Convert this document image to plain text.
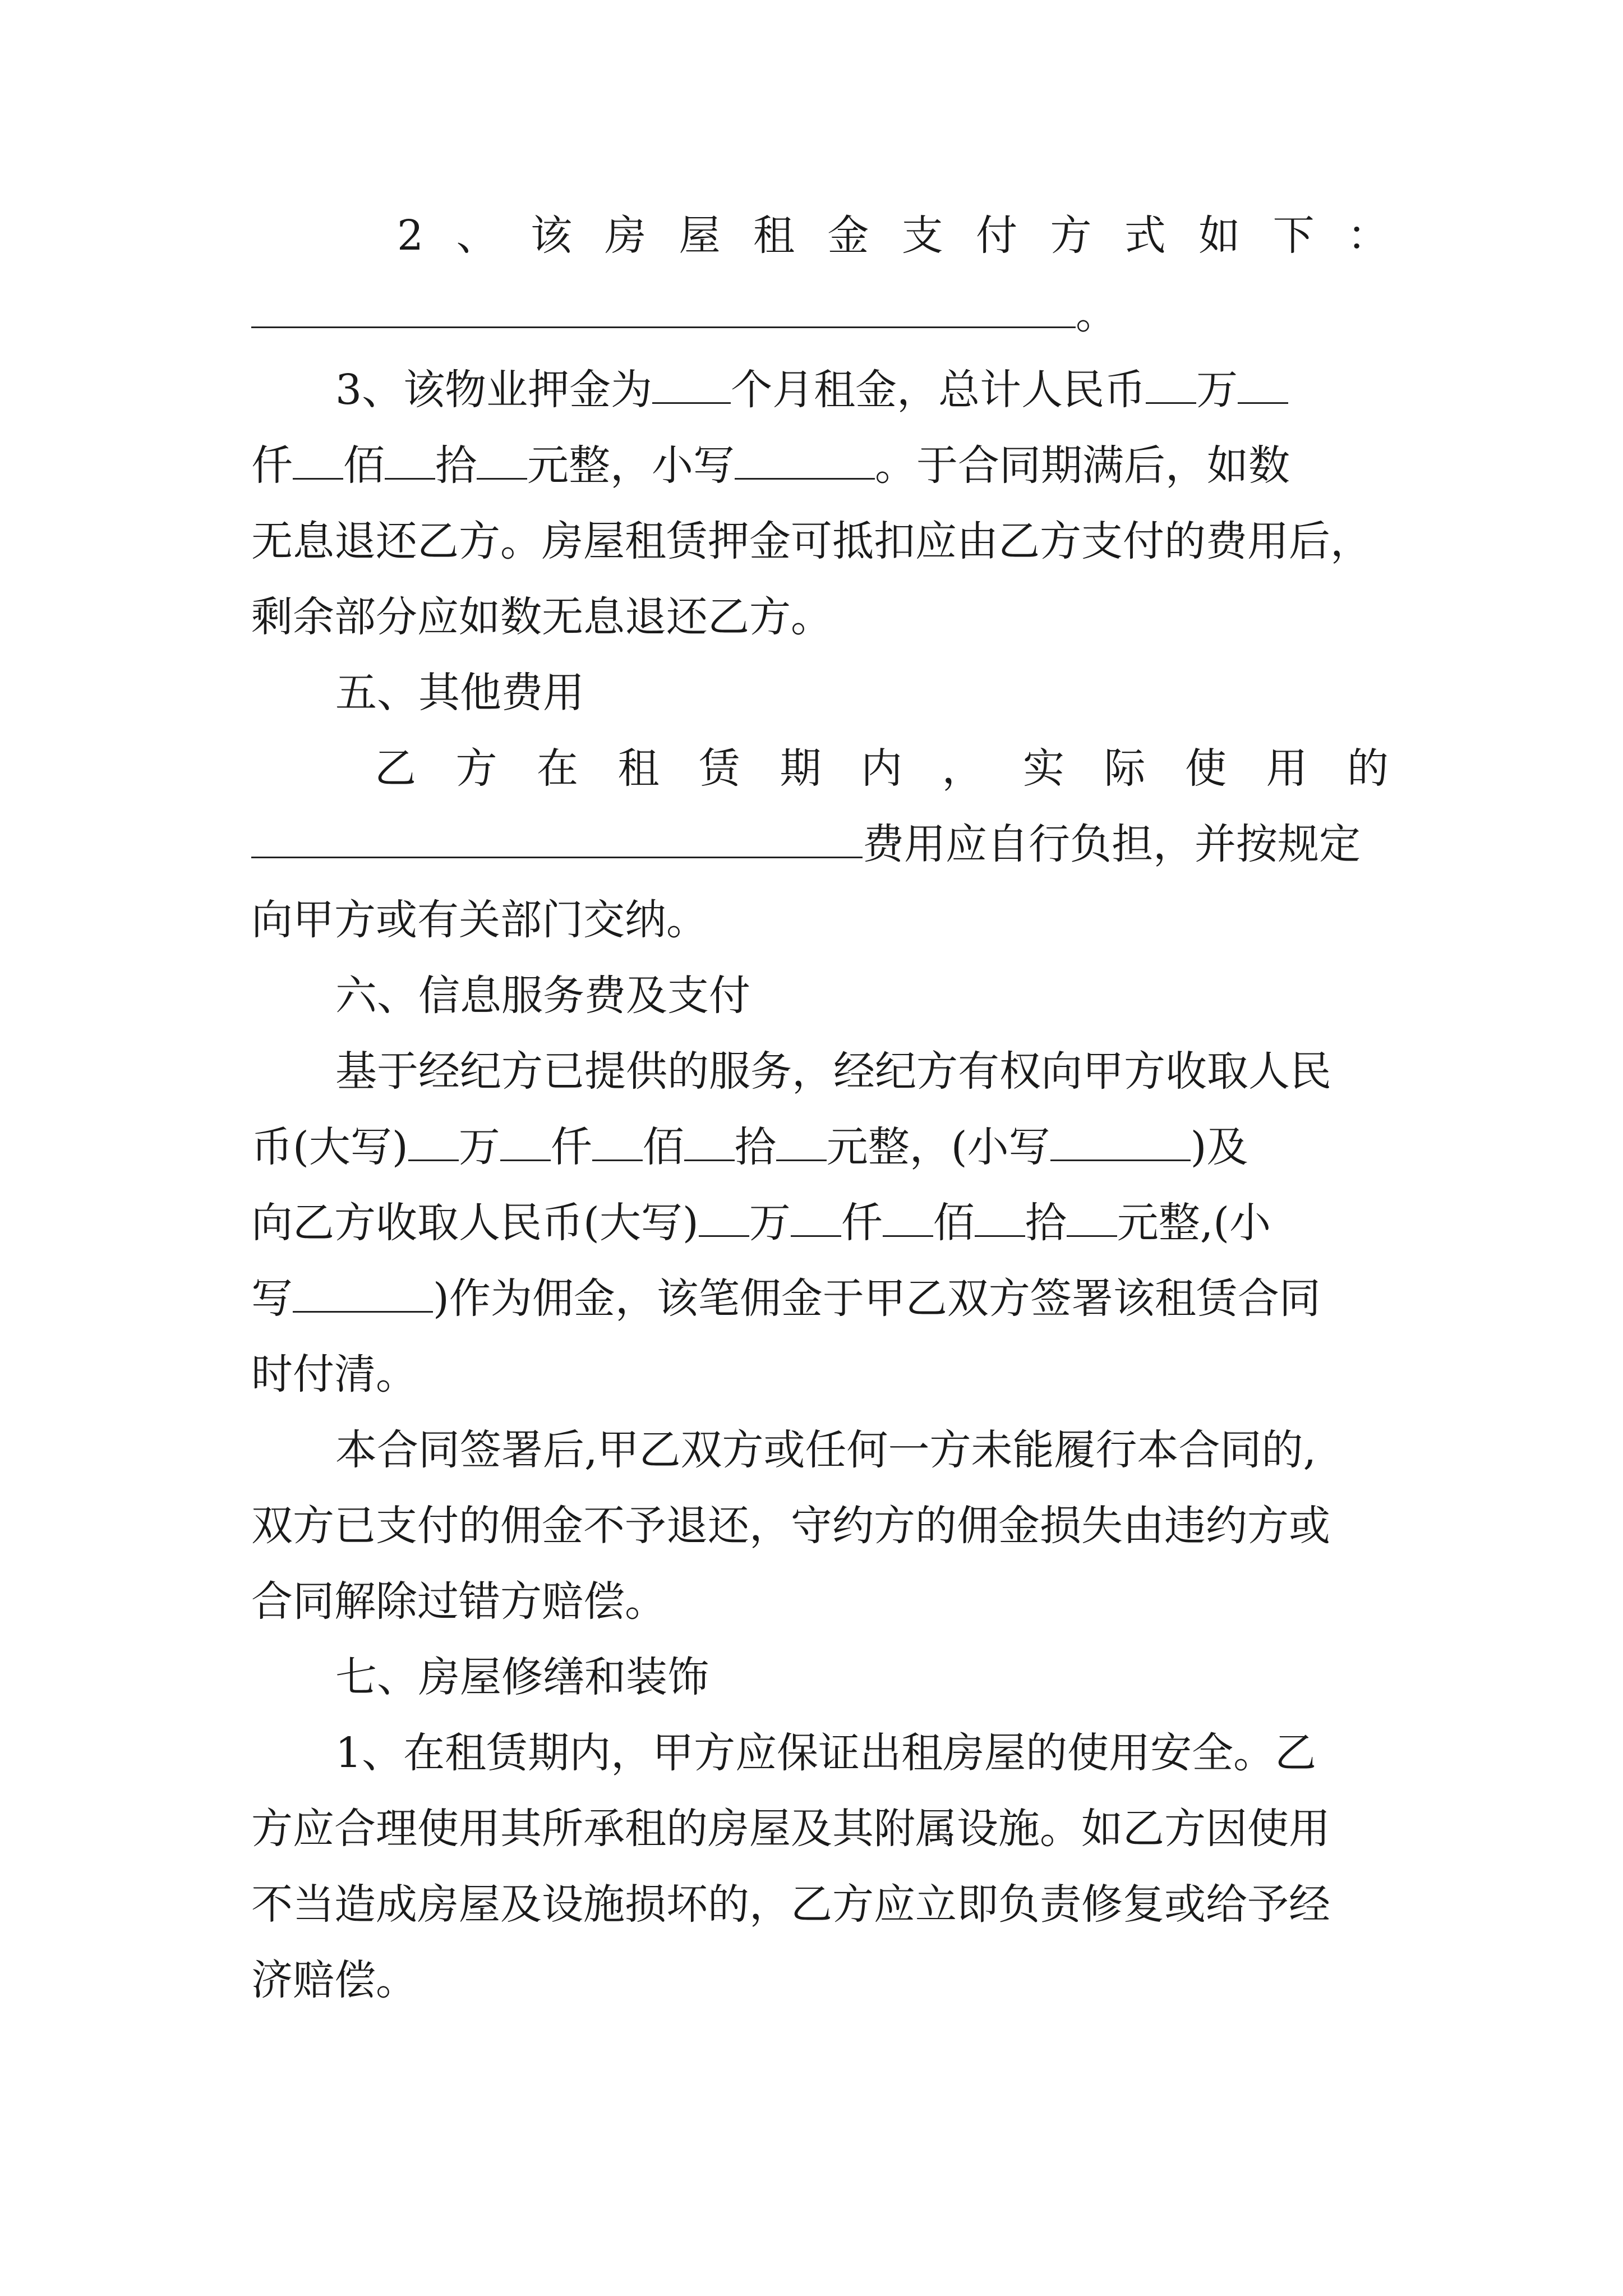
2 、 该 房 屋 租 金 支 付 方 式 如 下 ：
。
3、该物业押金为 个月租金，总计人民币 万
仟 佰 拾 元整，小写	。于合同期满后，如数
无息退还乙方。房屋租赁押金可抵扣应由乙方支付的费用后，
剩余部分应如数无息退还乙方。
五、其他费用
乙 方 在 租 赁 期 内 ， 实 际 使 用 的
费用应自行负担，并按规定
向甲方或有关部门交纳。
六、信息服务费及支付
基于经纪方已提供的服务，经纪方有权向甲方收取人民
币(大写) 万 仟 佰 拾 元整，(小写	)及
向乙方收取人民币(大写) 万 仟 佰 拾 元整,(小
写	)作为佣金，该笔佣金于甲乙双方签署该租赁合同
时付清。
本合同签署后,甲乙双方或任何一方未能履行本合同的,
双方已支付的佣金不予退还，守约方的佣金损失由违约方或
合同解除过错方赔偿。
七、房屋修缮和装饰
1、在租赁期内，甲方应保证出租房屋的使用安全。乙
方应合理使用其所承租的房屋及其附属设施。如乙方因使用
不当造成房屋及设施损坏的，乙方应立即负责修复或给予经
济赔偿。
